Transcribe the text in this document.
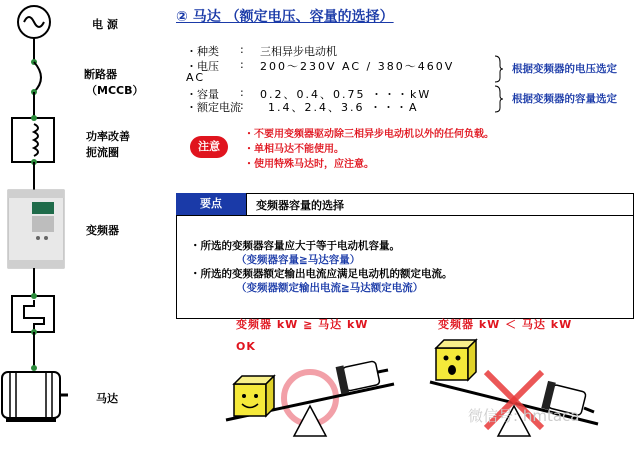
电 源
断路器
（MCCB）
功率改善
扼流圈
变频器
马达
② 马达 （额定电压、容量的选择）
・种类 : 三相异步电动机
・电压 : 200～230V AC / 380～460V
AC
・容量 : 0.2、0.4、0.75 ・・・kW
・额定电流 : 1.4、2.4、3.6 ・・・A
根据变频器的电压选定
根据变频器的容量选定
注意
・不要用变频器驱动除三相异步电动机以外的任何负载。
・单相马达不能使用。
・使用特殊马达时，应注意。
要点	变频器容量的选择
・所选的变频器容量应大于等于电动机容量。
（变频器容量≧马达容量）
・所选的变频器额定输出电流应满足电动机的额定电流。
（变频器额定输出电流≧马达额定电流）
变频器 kW ≧ 马达 kW	变频器 kW ＜ 马达 kW
OK
微信号: hmtaca
